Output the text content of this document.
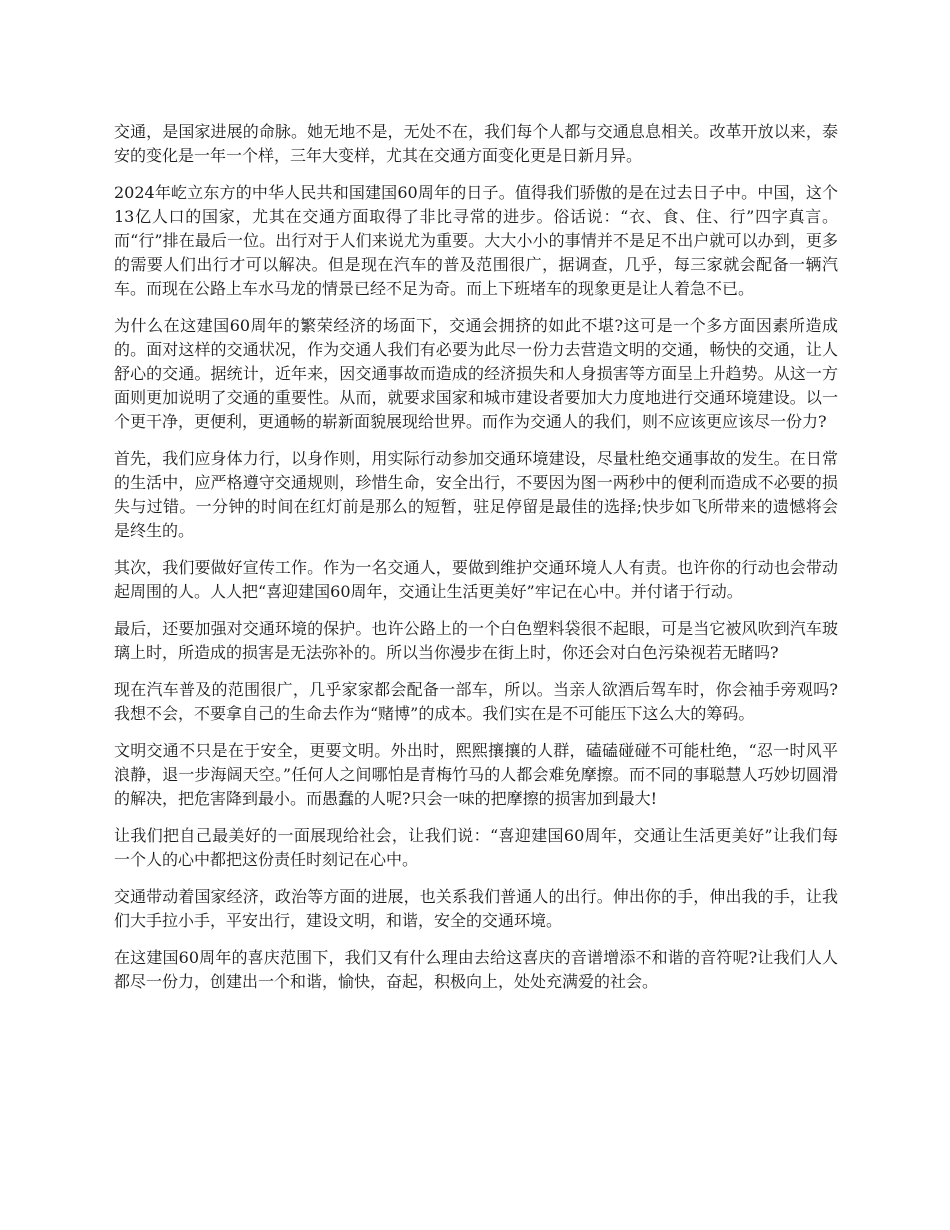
交通，是国家进展的命脉。她无地不是，无处不在，我们每个人都与交通息息相关。改革开放以来，泰安的变化是一年一个样，三年大变样，尤其在交通方面变化更是日新月异。

2024年屹立东方的中华人民共和国建国60周年的日子。值得我们骄傲的是在过去日子中。中国，这个13亿人口的国家，尤其在交通方面取得了非比寻常的进步。俗话说：“衣、食、住、行”四字真言。而“行”排在最后一位。出行对于人们来说尤为重要。大大小小的事情并不是足不出户就可以办到，更多的需要人们出行才可以解决。但是现在汽车的普及范围很广，据调查，几乎，每三家就会配备一辆汽车。而现在公路上车水马龙的情景已经不足为奇。而上下班堵车的现象更是让人着急不已。

为什么在这建国60周年的繁荣经济的场面下，交通会拥挤的如此不堪?这可是一个多方面因素所造成的。面对这样的交通状况，作为交通人我们有必要为此尽一份力去营造文明的交通，畅快的交通，让人舒心的交通。据统计，近年来，因交通事故而造成的经济损失和人身损害等方面呈上升趋势。从这一方面则更加说明了交通的重要性。从而，就要求国家和城市建设者要加大力度地进行交通环境建设。以一个更干净，更便利，更通畅的崭新面貌展现给世界。而作为交通人的我们，则不应该更应该尽一份力?

首先，我们应身体力行，以身作则，用实际行动参加交通环境建设，尽量杜绝交通事故的发生。在日常的生活中，应严格遵守交通规则，珍惜生命，安全出行，不要因为图一两秒中的便利而造成不必要的损失与过错。一分钟的时间在红灯前是那么的短暂，驻足停留是最佳的选择;快步如飞所带来的遗憾将会是终生的。

其次，我们要做好宣传工作。作为一名交通人，要做到维护交通环境人人有责。也许你的行动也会带动起周围的人。人人把“喜迎建国60周年，交通让生活更美好”牢记在心中。并付诸于行动。

最后，还要加强对交通环境的保护。也许公路上的一个白色塑料袋很不起眼，可是当它被风吹到汽车玻璃上时，所造成的损害是无法弥补的。所以当你漫步在街上时，你还会对白色污染视若无睹吗?

现在汽车普及的范围很广，几乎家家都会配备一部车，所以。当亲人欲酒后驾车时，你会袖手旁观吗?我想不会，不要拿自己的生命去作为“赌博”的成本。我们实在是不可能压下这么大的筹码。

文明交通不只是在于安全，更要文明。外出时，熙熙攘攘的人群，磕磕碰碰不可能杜绝，“忍一时风平浪静，退一步海阔天空。”任何人之间哪怕是青梅竹马的人都会难免摩擦。而不同的事聪慧人巧妙切圆滑的解决，把危害降到最小。而愚蠢的人呢?只会一味的把摩擦的损害加到最大!

让我们把自己最美好的一面展现给社会，让我们说：“喜迎建国60周年，交通让生活更美好”让我们每一个人的心中都把这份责任时刻记在心中。

交通带动着国家经济，政治等方面的进展，也关系我们普通人的出行。伸出你的手，伸出我的手，让我们大手拉小手，平安出行，建设文明，和谐，安全的交通环境。

在这建国60周年的喜庆范围下，我们又有什么理由去给这喜庆的音谱增添不和谐的音符呢?让我们人人都尽一份力，创建出一个和谐，愉快，奋起，积极向上，处处充满爱的社会。
